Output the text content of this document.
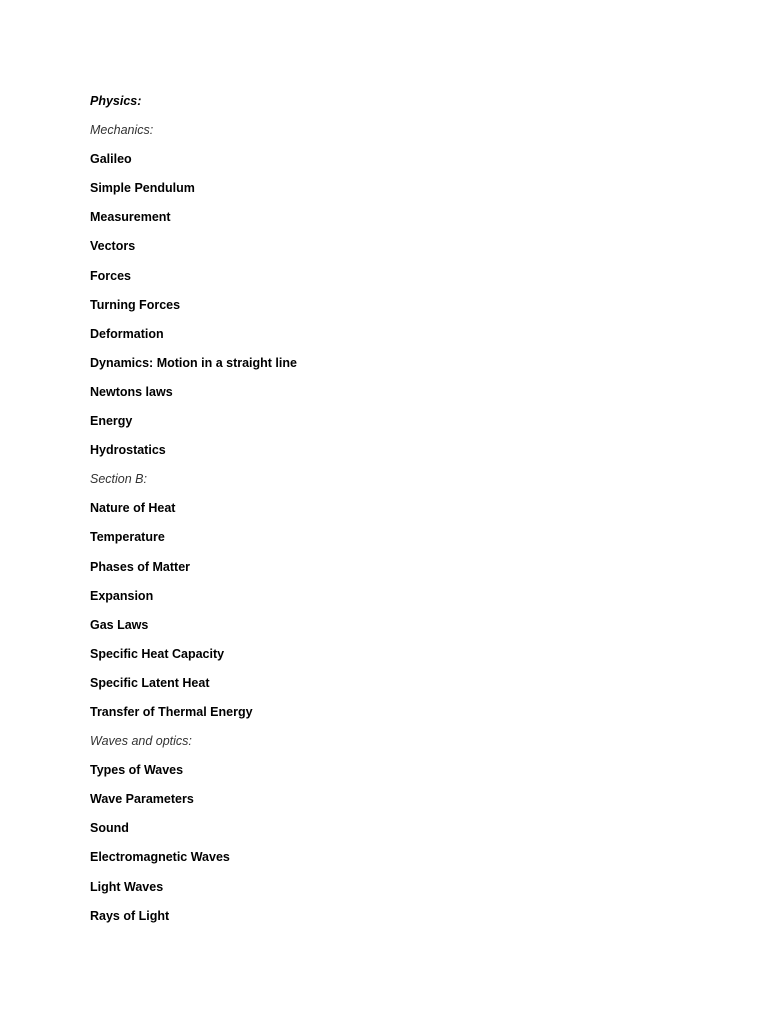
Physics:
Mechanics:
Galileo
Simple Pendulum
Measurement
Vectors
Forces
Turning Forces
Deformation
Dynamics: Motion in a straight line
Newtons laws
Energy
Hydrostatics
Section B:
Nature of Heat
Temperature
Phases of Matter
Expansion
Gas Laws
Specific Heat Capacity
Specific Latent Heat
Transfer of Thermal Energy
Waves and optics:
Types of Waves
Wave Parameters
Sound
Electromagnetic Waves
Light Waves
Rays of Light
